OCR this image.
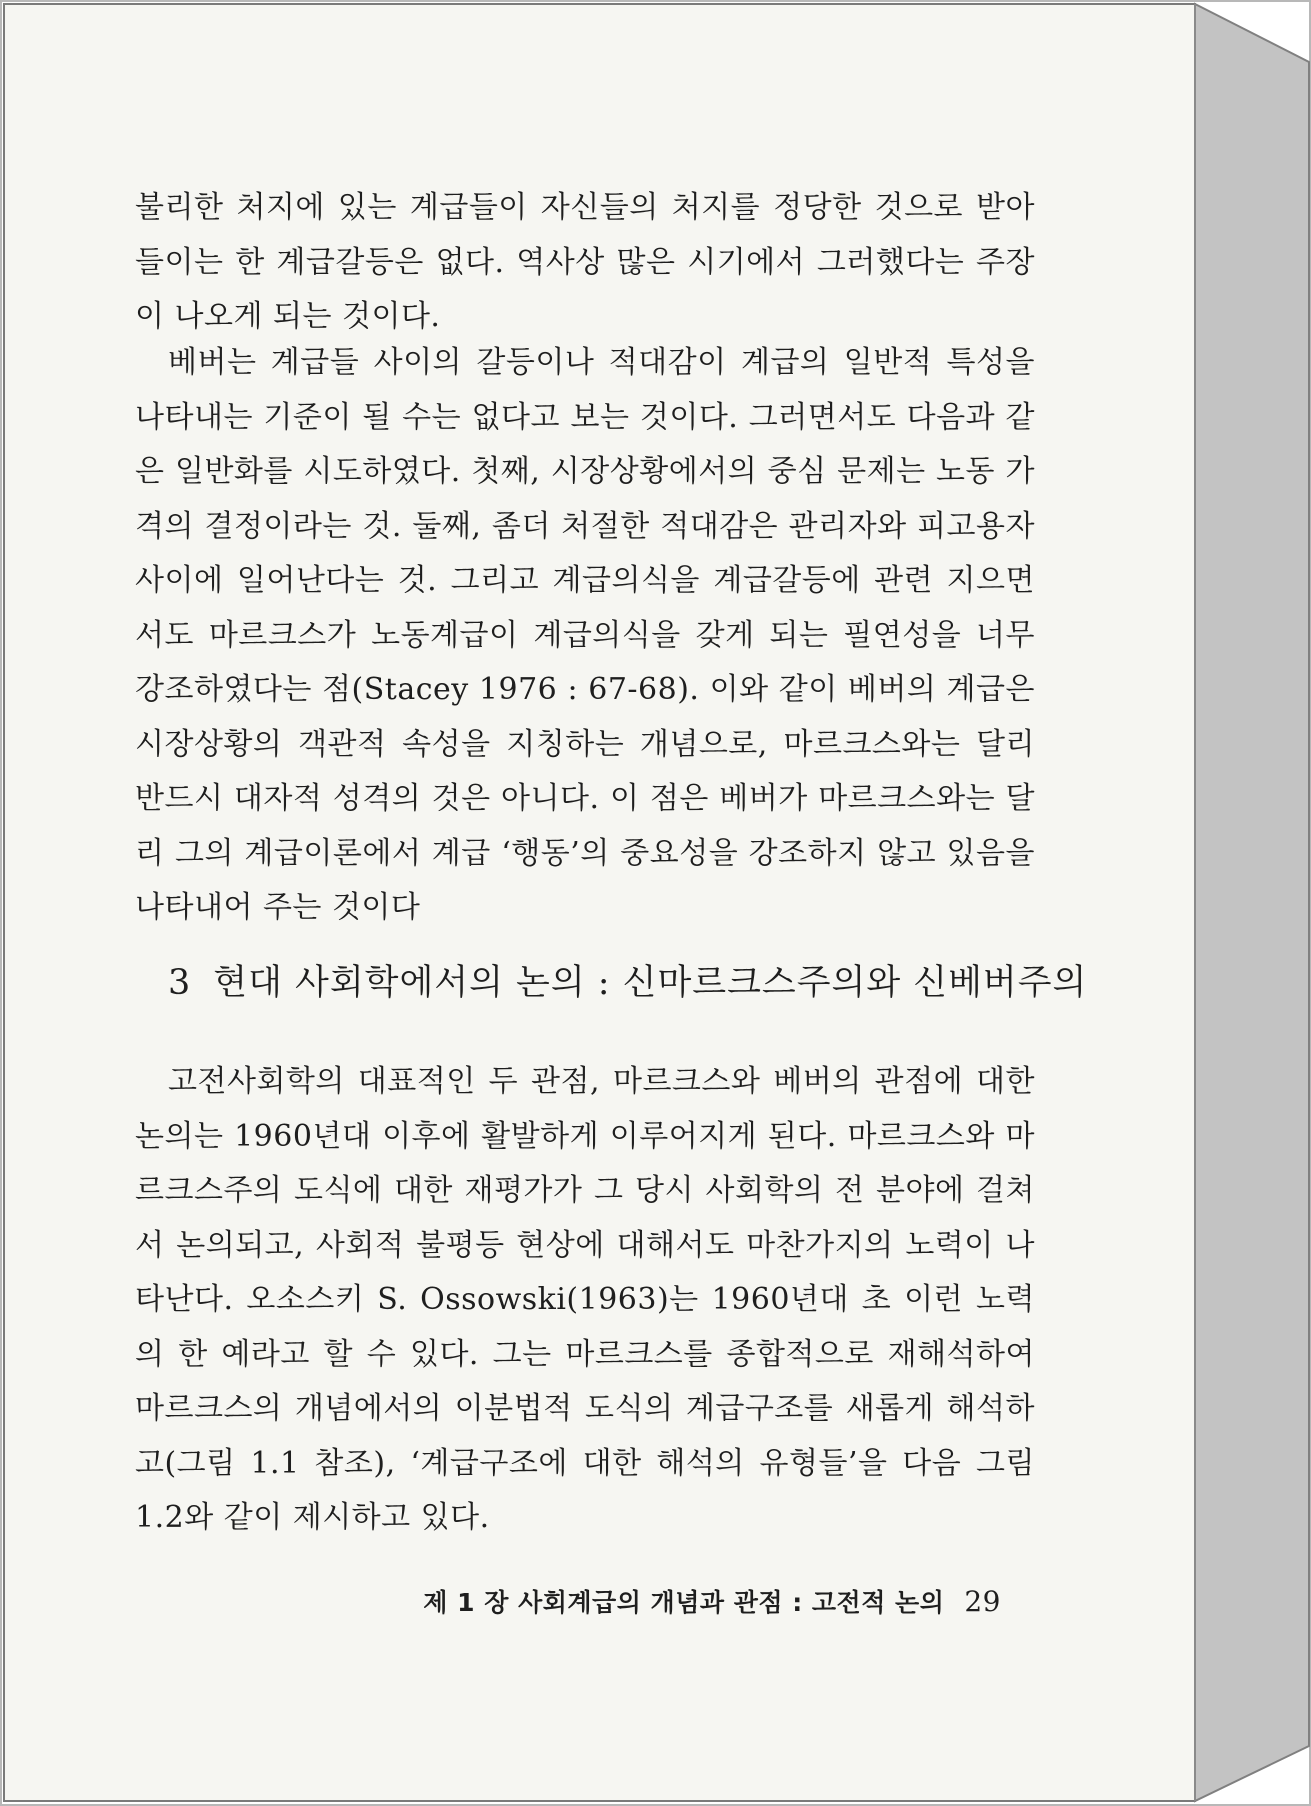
불리한 처지에 있는 계급들이 자신들의 처지를 정당한 것으로 받아들이는 한 계급갈등은 없다. 역사상 많은 시기에서 그러했다는 주장이 나오게 되는 것이다.

베버는 계급들 사이의 갈등이나 적대감이 계급의 일반적 특성을 나타내는 기준이 될 수는 없다고 보는 것이다. 그러면서도 다음과 같은 일반화를 시도하였다. 첫째, 시장상황에서의 중심 문제는 노동 가격의 결정이라는 것. 둘째, 좀더 처절한 적대감은 관리자와 피고용자 사이에 일어난다는 것. 그리고 계급의식을 계급갈등에 관련 지으면서도 마르크스가 노동계급이 계급의식을 갖게 되는 필연성을 너무 강조하였다는 점(Stacey 1976 : 67-68). 이와 같이 베버의 계급은 시장상황의 객관적 속성을 지칭하는 개념으로, 마르크스와는 달리 반드시 대자적 성격의 것은 아니다. 이 점은 베버가 마르크스와는 달리 그의 계급이론에서 계급 ‘행동’의 중요성을 강조하지 않고 있음을 나타내어 주는 것이다

3 현대 사회학에서의 논의 : 신마르크스주의와 신베버주의

고전사회학의 대표적인 두 관점, 마르크스와 베버의 관점에 대한 논의는 1960년대 이후에 활발하게 이루어지게 된다. 마르크스와 마르크스주의 도식에 대한 재평가가 그 당시 사회학의 전 분야에 걸쳐서 논의되고, 사회적 불평등 현상에 대해서도 마찬가지의 노력이 나타난다. 오소스키 S. Ossowski(1963)는 1960년대 초 이런 노력의 한 예라고 할 수 있다. 그는 마르크스를 종합적으로 재해석하여 마르크스의 개념에서의 이분법적 도식의 계급구조를 새롭게 해석하고(그림 1.1 참조), ‘계급구조에 대한 해석의 유형들’을 다음 그림 1.2와 같이 제시하고 있다.

제 1 장 사회계급의 개념과 관점 : 고전적 논의 29
